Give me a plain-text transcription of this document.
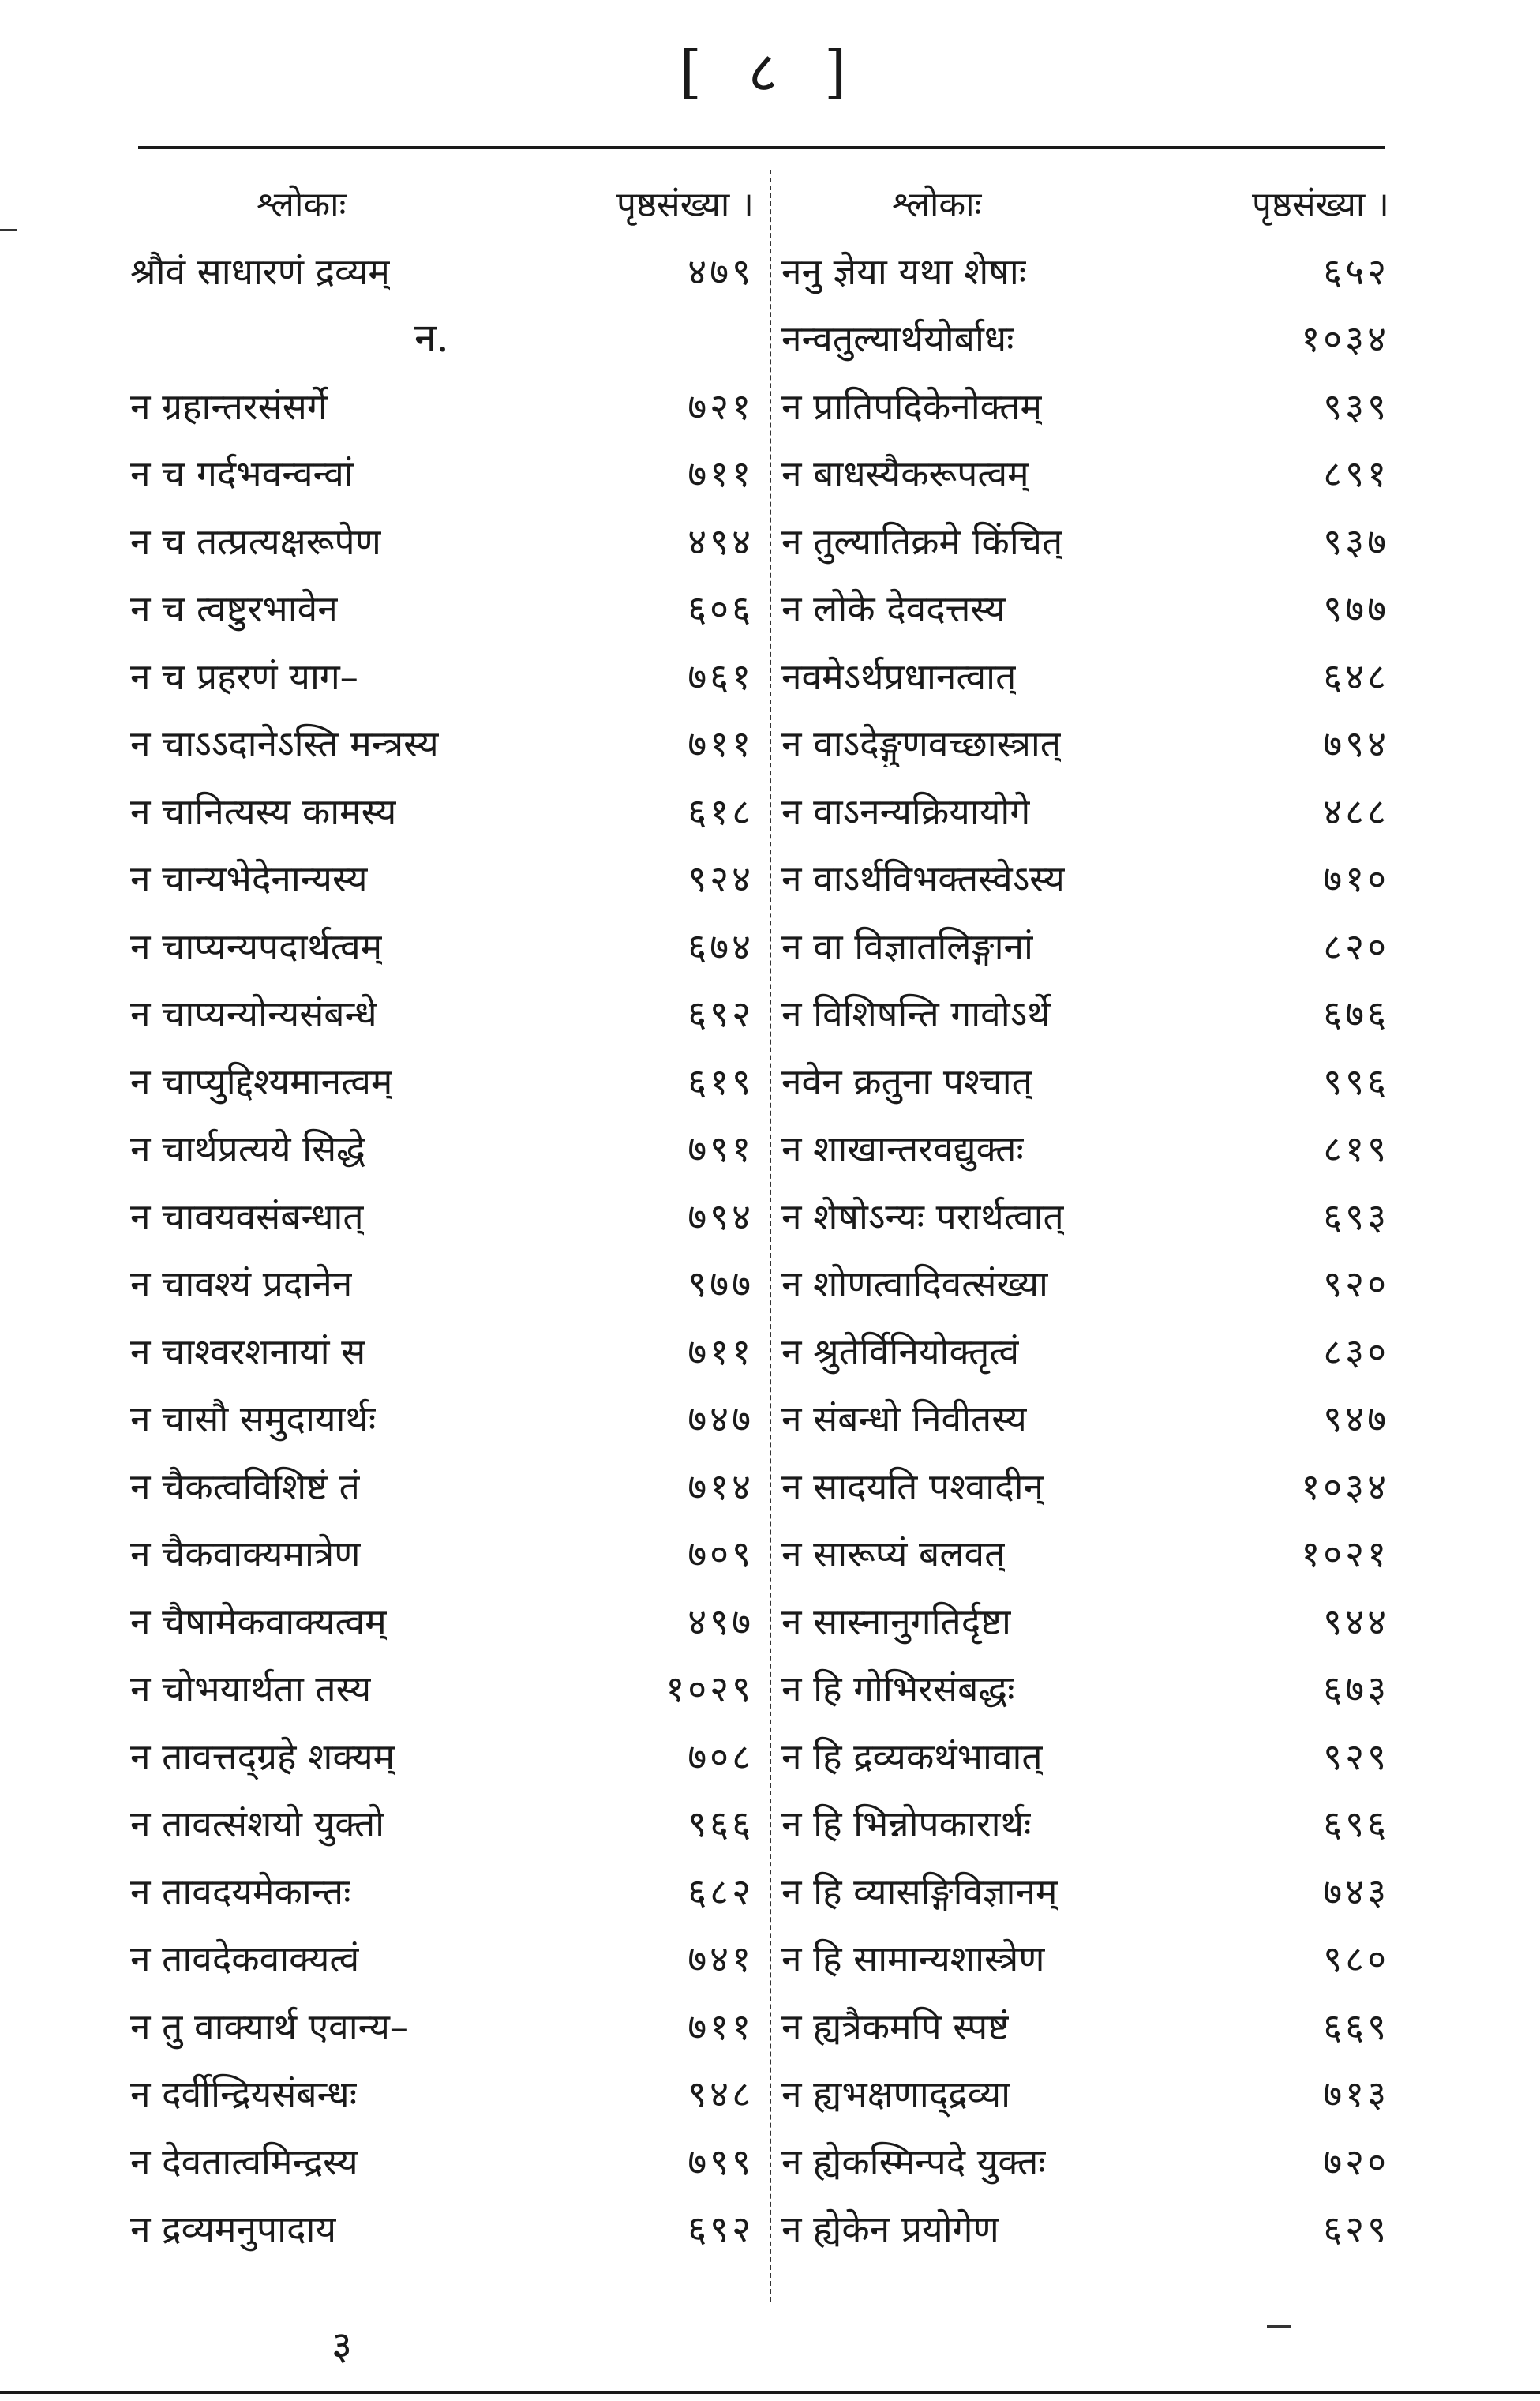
[ ८ ]
श्लोकाः	पृष्ठसंख्या ।
श्रौवं साधारणं द्रव्यम्	४७९
न.
न ग्रहान्तरसंसर्गे	७२१
न च गर्दभवन्वन्वां	७११
न च तत्प्रत्यक्षरूपेण	४९४
न च त्वष्टुरभावेन	६०६
न च प्रहरणं याग–	७६१
न चाऽऽदानेऽस्ति मन्त्रस्य	७११
न चानित्यस्य कामस्य	६१८
न चान्यभेदेनान्यस्य	९२४
न चाप्यन्यपदार्थत्वम्	६७४
न चाप्यन्योन्यसंबन्धे	६९२
न चाप्युद्दिश्यमानत्वम्	६१९
न चार्थप्रत्यये सिद्धे	७९१
न चावयवसंबन्धात्	७९४
न चावश्यं प्रदानेन	९७७
न चाश्वरशनायां स	७११
न चासौ समुदायार्थः	७४७
न चैकत्वविशिष्टं तं	७१४
न चैकवाक्यमात्रेण	७०९
न चैषामेकवाक्यत्वम्	४९७
न चोभयार्थता तस्य	१०२९
न तावत्तद्ग्रहे शक्यम्	७०८
न तावत्संशयो युक्तो	९६६
न तावदयमेकान्तः	६८२
न तावदेकवाक्यत्वं	७४१
न तु वाक्यार्थ एवान्य–	७११
न दर्वीन्द्रियसंबन्धः	९४८
न देवतात्वमिन्द्रस्य	७९९
न द्रव्यमनुपादाय	६९२
श्लोकाः	पृष्ठसंख्या ।
ननु ज्ञेया यथा शेषाः	६५२
नन्वतुल्यार्थयोर्बाधः	१०३४
न प्रातिपदिकेनोक्तम्	९३९
न बाधस्यैकरूपत्वम्	८९१
न तुल्यातिक्रमे किंचित्	९३७
न लोके देवदत्तस्य	९७७
नवमेऽर्थप्रधानत्वात्	६४८
न वाऽदेङ्गुणवच्छास्त्रात्	७९४
न वाऽनन्यक्रियायोगे	४८८
न वाऽर्थविभक्तस्वेऽस्य	७१०
न वा विज्ञातलिङ्गानां	८२०
न विशिषन्ति गावोऽर्थे	६७६
नवेन क्रतुना पश्चात्	९९६
न शाखान्तरवद्युक्तः	८१९
न शेषोऽन्यः परार्थत्वात्	६९३
न शोणत्वादिवत्संख्या	९२०
न श्रुतेर्विनियोक्तृत्वं	८३०
न संबन्धो निवीतस्य	९४७
न सादयति पश्वादीन्	१०३४
न सारूप्यं बलवत्	१०२१
न सास्नानुगतिर्दृष्टा	९४४
न हि गोभिरसंबद्धः	६७३
न हि द्रव्यकथंभावात्	९२९
न हि भिन्नोपकारार्थः	६९६
न हि व्यासङ्गिविज्ञानम्	७४३
न हि सामान्यशास्त्रेण	९८०
न ह्यत्रैकमपि स्पष्टं	६६९
न ह्यभक्षणाद्द्रव्या	७१३
न ह्येकस्मिन्पदे युक्तः	७२०
न ह्येकेन प्रयोगेण	६२९
३
